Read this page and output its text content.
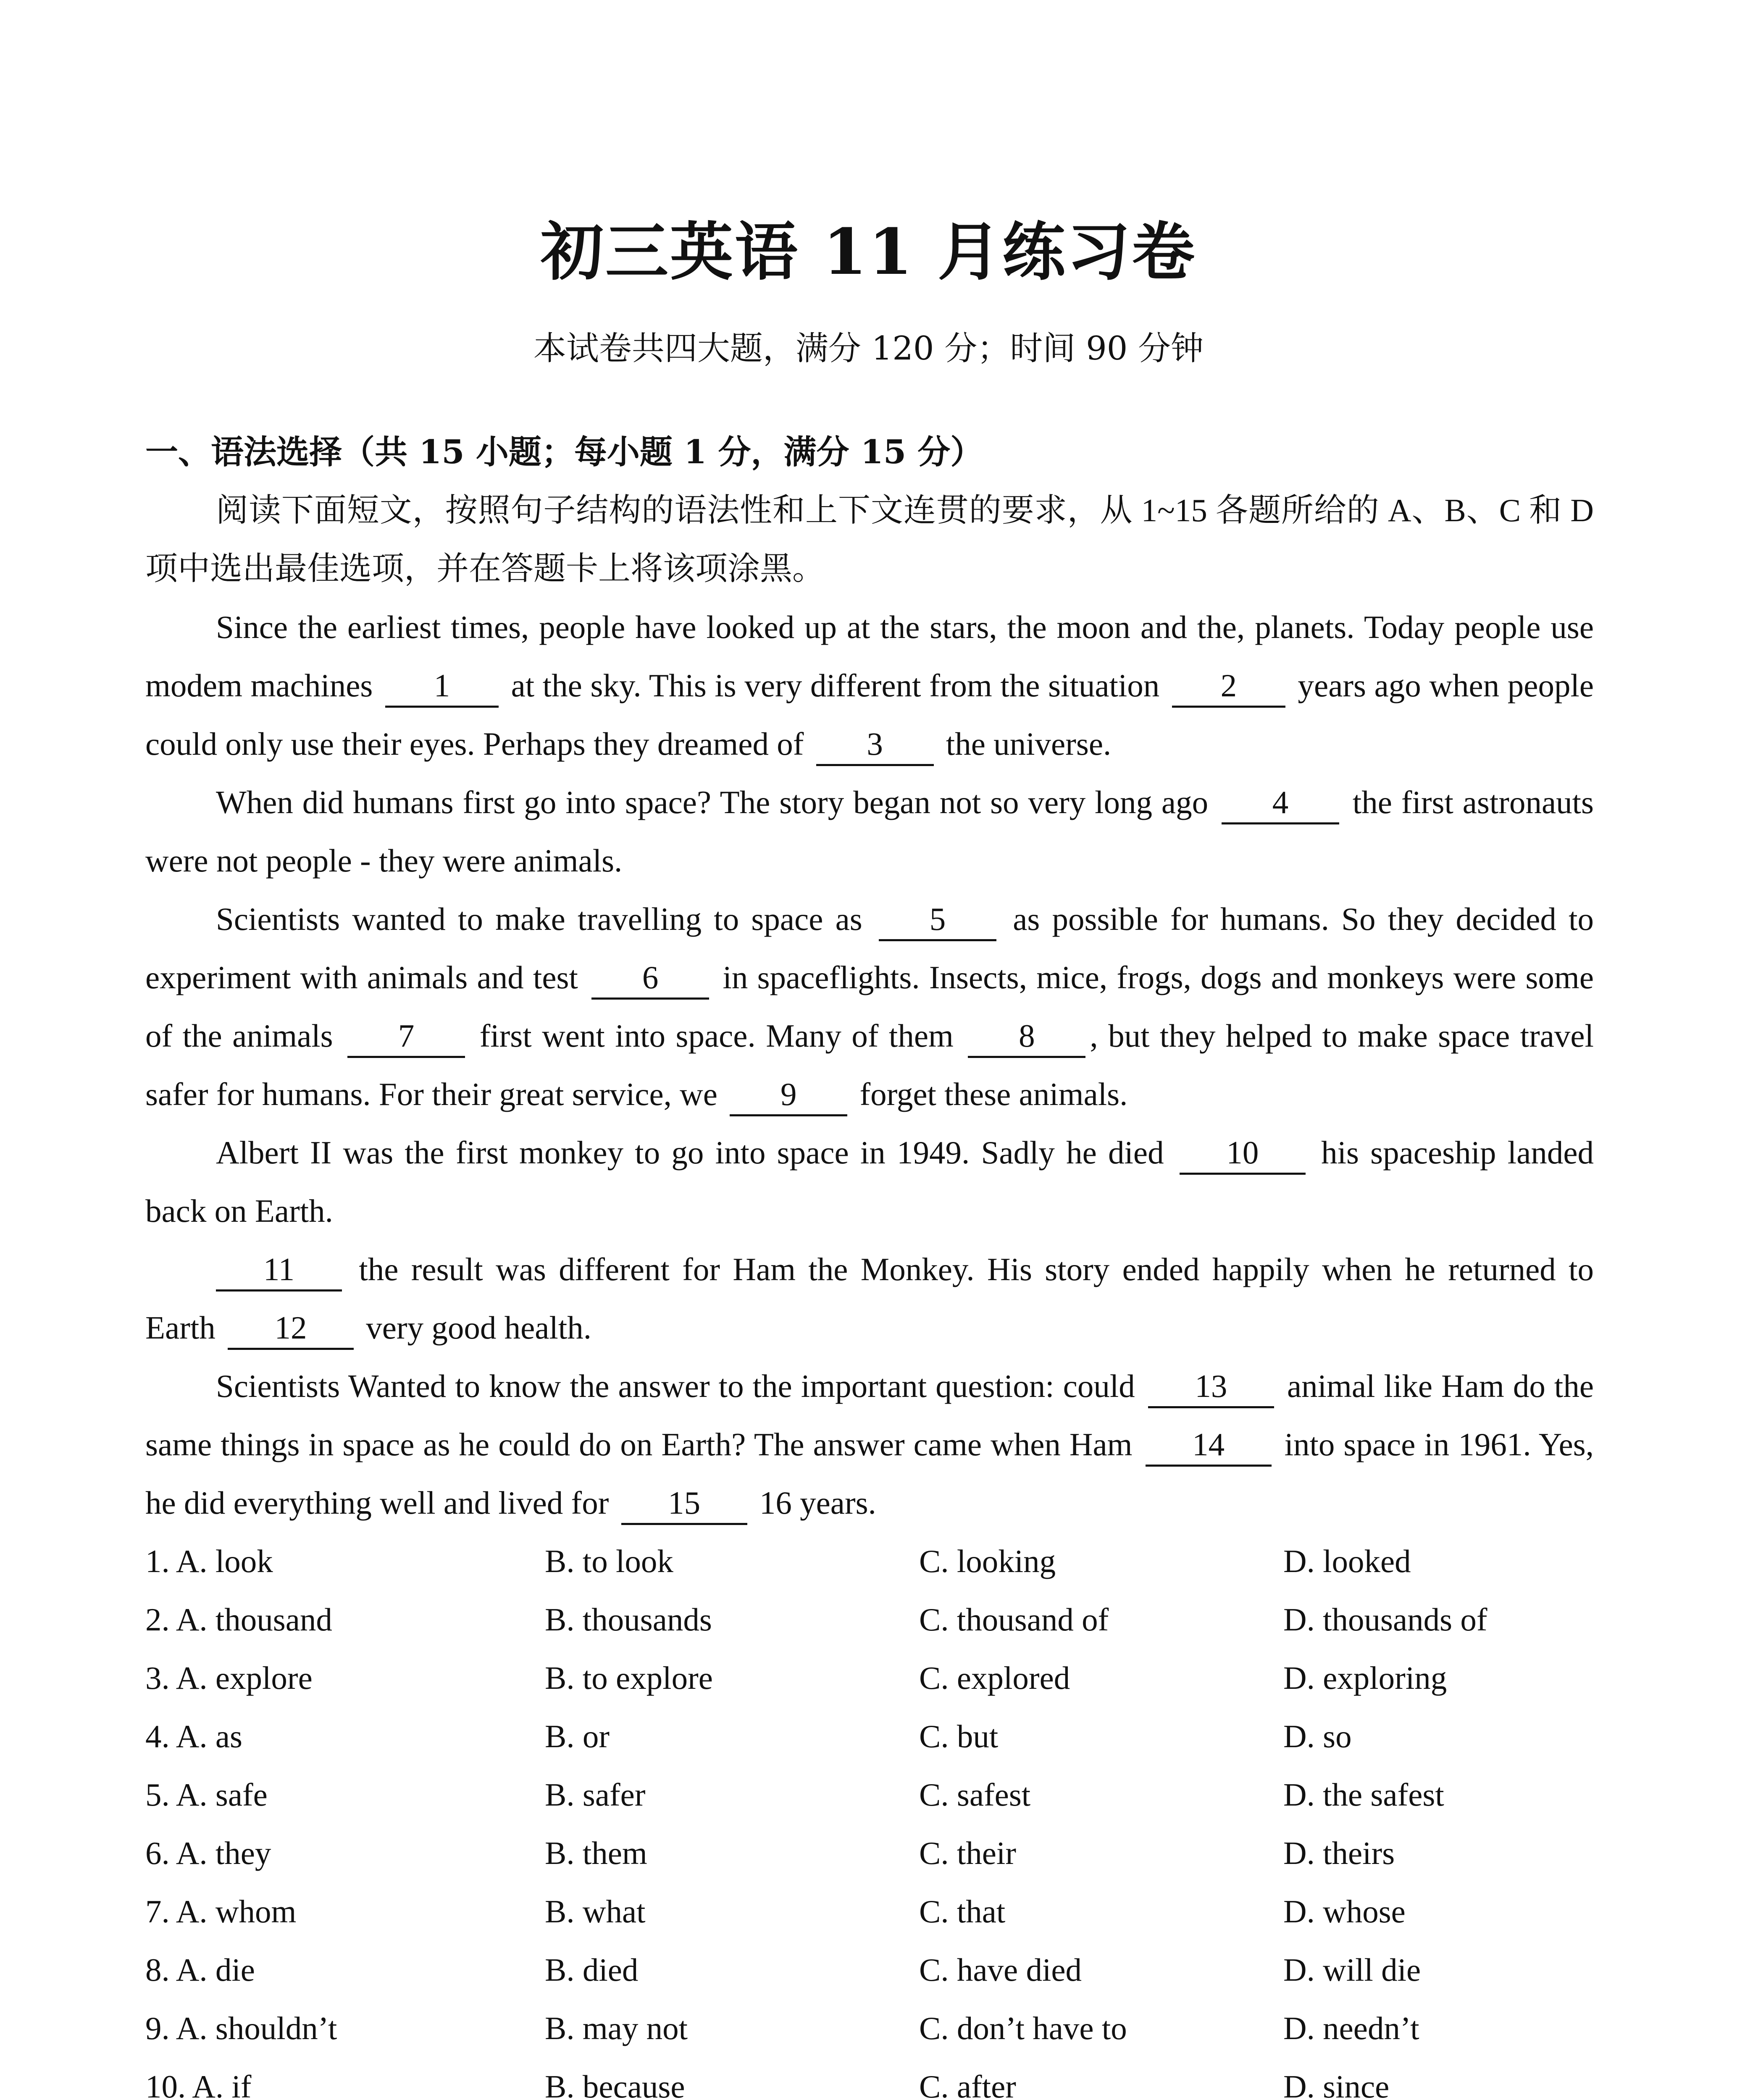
初三英语 11 月练习卷
本试卷共四大题，满分 120 分；时间 90 分钟
一、语法选择（共 15 小题；每小题 1 分，满分 15 分）

阅读下面短文，按照句子结构的语法性和上下文连贯的要求，从 1~15 各题所给的 A、B、C 和 D 项中选出最佳选项，并在答题卡上将该项涂黑。

Since the earliest times, people have looked up at the stars, the moon and the, planets. Today people use modem machines 1 at the sky. This is very different from the situation 2 years ago when people could only use their eyes. Perhaps they dreamed of 3 the universe.

When did humans first go into space? The story began not so very long ago 4 the first astronauts were not people - they were animals.

Scientists wanted to make travelling to space as 5 as possible for humans. So they decided to experiment with animals and test 6 in spaceflights. Insects, mice, frogs, dogs and monkeys were some of the animals 7 first went into space. Many of them 8 , but they helped to make space travel safer for humans. For their great service, we 9 forget these animals.

Albert II was the first monkey to go into space in 1949. Sadly he died 10 his spaceship landed back on Earth.

11 the result was different for Ham the Monkey. His story ended happily when he returned to Earth 12 very good health.

Scientists Wanted to know the answer to the important question: could 13 animal like Ham do the same things in space as he could do on Earth? The answer came when Ham 14 into space in 1961. Yes, he did everything well and lived for 15 16 years.

1. A. look	B. to look	C. looking	D. looked
2. A. thousand	B. thousands	C. thousand of	D. thousands of
3. A. explore	B. to explore	C. explored	D. exploring
4. A. as	B. or	C. but	D. so
5. A. safe	B. safer	C. safest	D. the safest
6. A. they	B. them	C. their	D. theirs
7. A. whom	B. what	C. that	D. whose
8. A. die	B. died	C. have died	D. will die
9. A. shouldn’t	B. may not	C. don’t have to	D. needn’t
10. A. if	B. because	C. after	D. since
